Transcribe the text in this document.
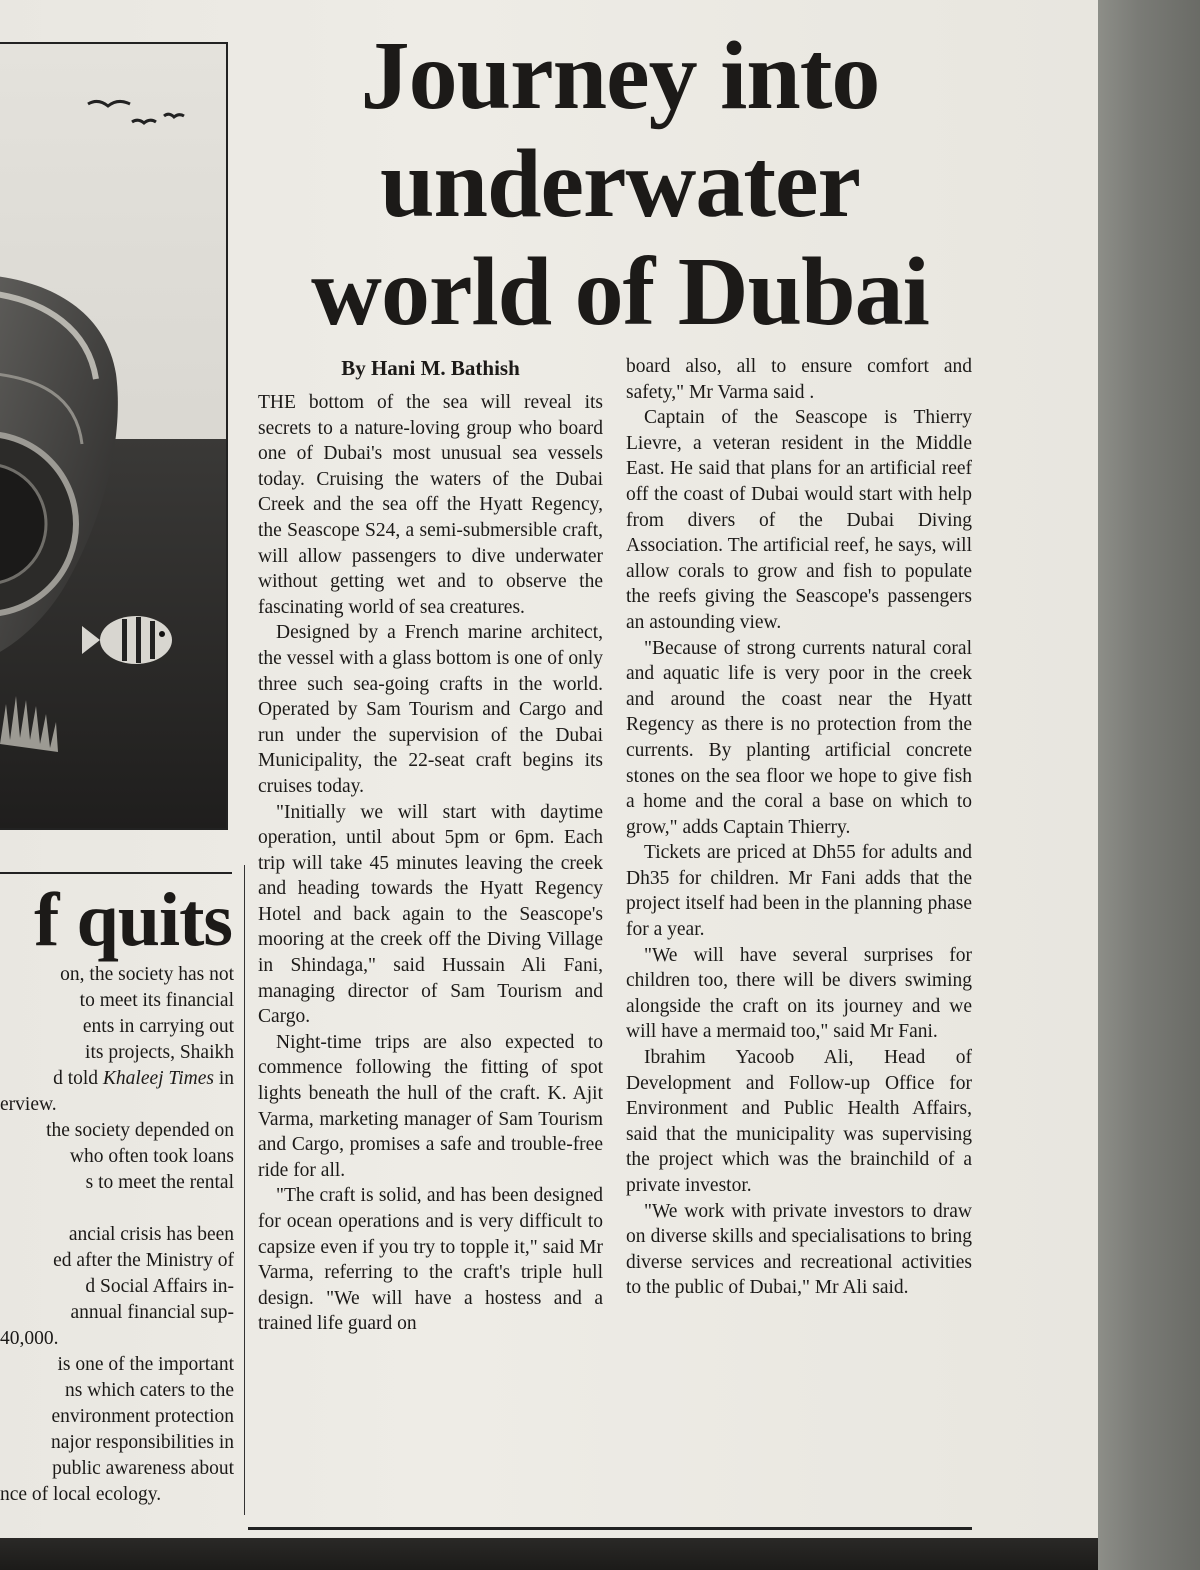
Journey into
underwater
world of Dubai
f quits

on, the society has not

to meet its financial

ents in carrying out

its projects, Shaikh

d told Khaleej Times in

erview.

the society depended on

who often took loans

s to meet the rental

ancial crisis has been

ed after the Ministry of

d Social Affairs in-

annual financial sup-

40,000.

is one of the important

ns which caters to the

environment protection

najor responsibilities in

public awareness about

nce of local ecology.

By Hani M. Bathish

THE bottom of the sea will reveal its secrets to a nature-loving group who board one of Dubai's most unusual sea vessels today. Cruising the waters of the Dubai Creek and the sea off the Hyatt Regency, the Seascope S24, a semi-submersible craft, will allow passengers to dive underwater without getting wet and to observe the fascinating world of sea creatures.

Designed by a French marine architect, the vessel with a glass bottom is one of only three such sea-going crafts in the world. Operated by Sam Tourism and Cargo and run under the supervision of the Dubai Municipality, the 22-seat craft begins its cruises today.

"Initially we will start with daytime operation, until about 5pm or 6pm. Each trip will take 45 minutes leaving the creek and heading towards the Hyatt Regency Hotel and back again to the Seascope's mooring at the creek off the Diving Village in Shindaga," said Hussain Ali Fani, managing director of Sam Tourism and Cargo.

Night-time trips are also expected to commence following the fitting of spot lights beneath the hull of the craft. K. Ajit Varma, marketing manager of Sam Tourism and Cargo, promises a safe and trouble-free ride for all.

"The craft is solid, and has been designed for ocean operations and is very difficult to capsize even if you try to topple it," said Mr Varma, referring to the craft's triple hull design. "We will have a hostess and a trained life guard on

board also, all to ensure comfort and safety," Mr Varma said .

Captain of the Seascope is Thierry Lievre, a veteran resident in the Middle East. He said that plans for an artificial reef off the coast of Dubai would start with help from divers of the Dubai Diving Association. The artificial reef, he says, will allow corals to grow and fish to populate the reefs giving the Seascope's passengers an astounding view.

"Because of strong currents natural coral and aquatic life is very poor in the creek and around the coast near the Hyatt Regency as there is no protection from the currents. By planting artificial concrete stones on the sea floor we hope to give fish a home and the coral a base on which to grow," adds Captain Thierry.

Tickets are priced at Dh55 for adults and Dh35 for children. Mr Fani adds that the project itself had been in the planning phase for a year.

"We will have several surprises for children too, there will be divers swiming alongside the craft on its journey and we will have a mermaid too," said Mr Fani.

Ibrahim Yacoob Ali, Head of Development and Follow-up Office for Environment and Public Health Affairs, said that the municipality was supervising the project which was the brainchild of a private investor.

"We work with private investors to draw on diverse skills and specialisations to bring diverse services and recreational activities to the public of Dubai," Mr Ali said.
